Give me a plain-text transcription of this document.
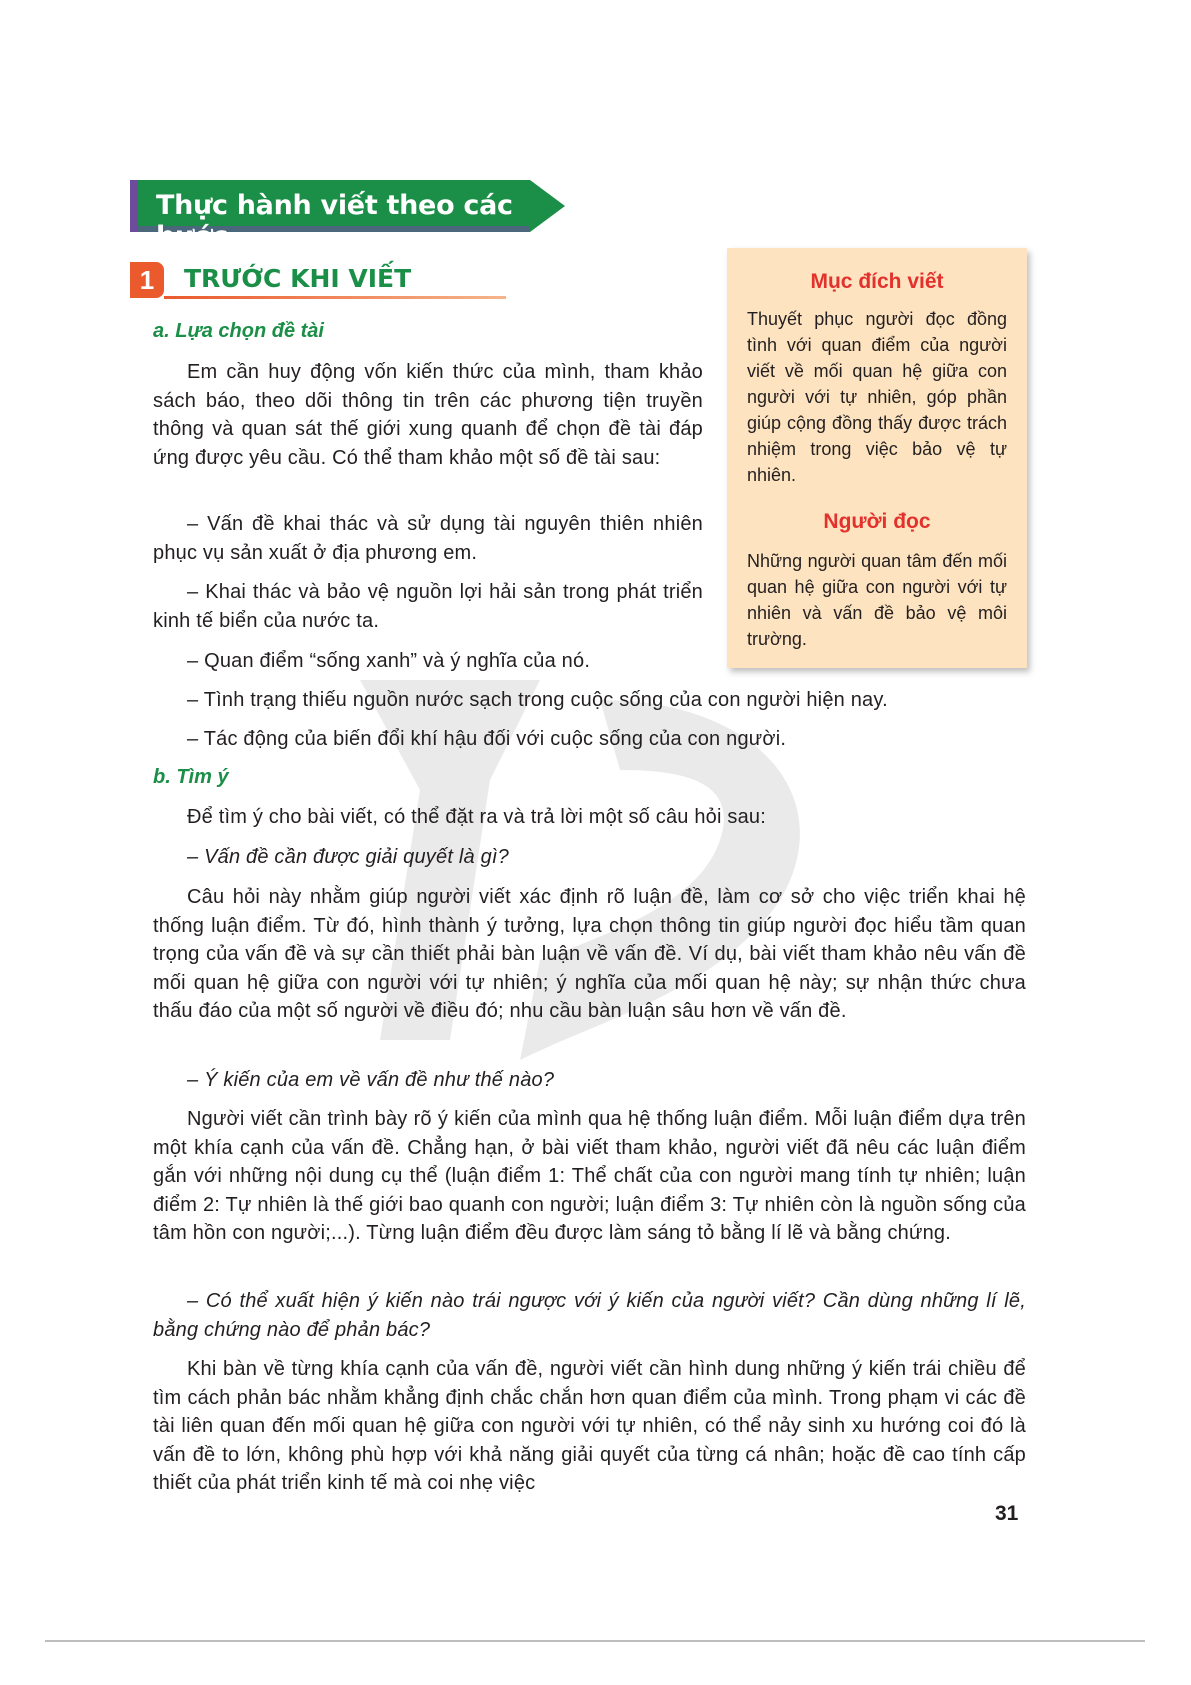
Thực hành viết theo các bước
1	TRƯỚC KHI VIẾT
a. Lựa chọn đề tài
Em cần huy động vốn kiến thức của mình, tham khảo sách báo, theo dõi thông tin trên các phương tiện truyền thông và quan sát thế giới xung quanh để chọn đề tài đáp ứng được yêu cầu. Có thể tham khảo một số đề tài sau:
– Vấn đề khai thác và sử dụng tài nguyên thiên nhiên phục vụ sản xuất ở địa phương em.
– Khai thác và bảo vệ nguồn lợi hải sản trong phát triển kinh tế biển của nước ta.
– Quan điểm “sống xanh” và ý nghĩa của nó.
– Tình trạng thiếu nguồn nước sạch trong cuộc sống của con người hiện nay.
– Tác động của biến đổi khí hậu đối với cuộc sống của con người.
b. Tìm ý
Để tìm ý cho bài viết, có thể đặt ra và trả lời một số câu hỏi sau:
– Vấn đề cần được giải quyết là gì?
Câu hỏi này nhằm giúp người viết xác định rõ luận đề, làm cơ sở cho việc triển khai hệ thống luận điểm. Từ đó, hình thành ý tưởng, lựa chọn thông tin giúp người đọc hiểu tầm quan trọng của vấn đề và sự cần thiết phải bàn luận về vấn đề. Ví dụ, bài viết tham khảo nêu vấn đề mối quan hệ giữa con người với tự nhiên; ý nghĩa của mối quan hệ này; sự nhận thức chưa thấu đáo của một số người về điều đó; nhu cầu bàn luận sâu hơn về vấn đề.
– Ý kiến của em về vấn đề như thế nào?
Người viết cần trình bày rõ ý kiến của mình qua hệ thống luận điểm. Mỗi luận điểm dựa trên một khía cạnh của vấn đề. Chẳng hạn, ở bài viết tham khảo, người viết đã nêu các luận điểm gắn với những nội dung cụ thể (luận điểm 1: Thể chất của con người mang tính tự nhiên; luận điểm 2: Tự nhiên là thế giới bao quanh con người; luận điểm 3: Tự nhiên còn là nguồn sống của tâm hồn con người;...). Từng luận điểm đều được làm sáng tỏ bằng lí lẽ và bằng chứng.
– Có thể xuất hiện ý kiến nào trái ngược với ý kiến của người viết? Cần dùng những lí lẽ, bằng chứng nào để phản bác?
Khi bàn về từng khía cạnh của vấn đề, người viết cần hình dung những ý kiến trái chiều để tìm cách phản bác nhằm khẳng định chắc chắn hơn quan điểm của mình. Trong phạm vi các đề tài liên quan đến mối quan hệ giữa con người với tự nhiên, có thể nảy sinh xu hướng coi đó là vấn đề to lớn, không phù hợp với khả năng giải quyết của từng cá nhân; hoặc đề cao tính cấp thiết của phát triển kinh tế mà coi nhẹ việc
Mục đích viết
Thuyết phục người đọc đồng tình với quan điểm của người viết về mối quan hệ giữa con người với tự nhiên, góp phần giúp cộng đồng thấy được trách nhiệm trong việc bảo vệ tự nhiên.
Người đọc
Những người quan tâm đến mối quan hệ giữa con người với tự nhiên và vấn đề bảo vệ môi trường.
31
